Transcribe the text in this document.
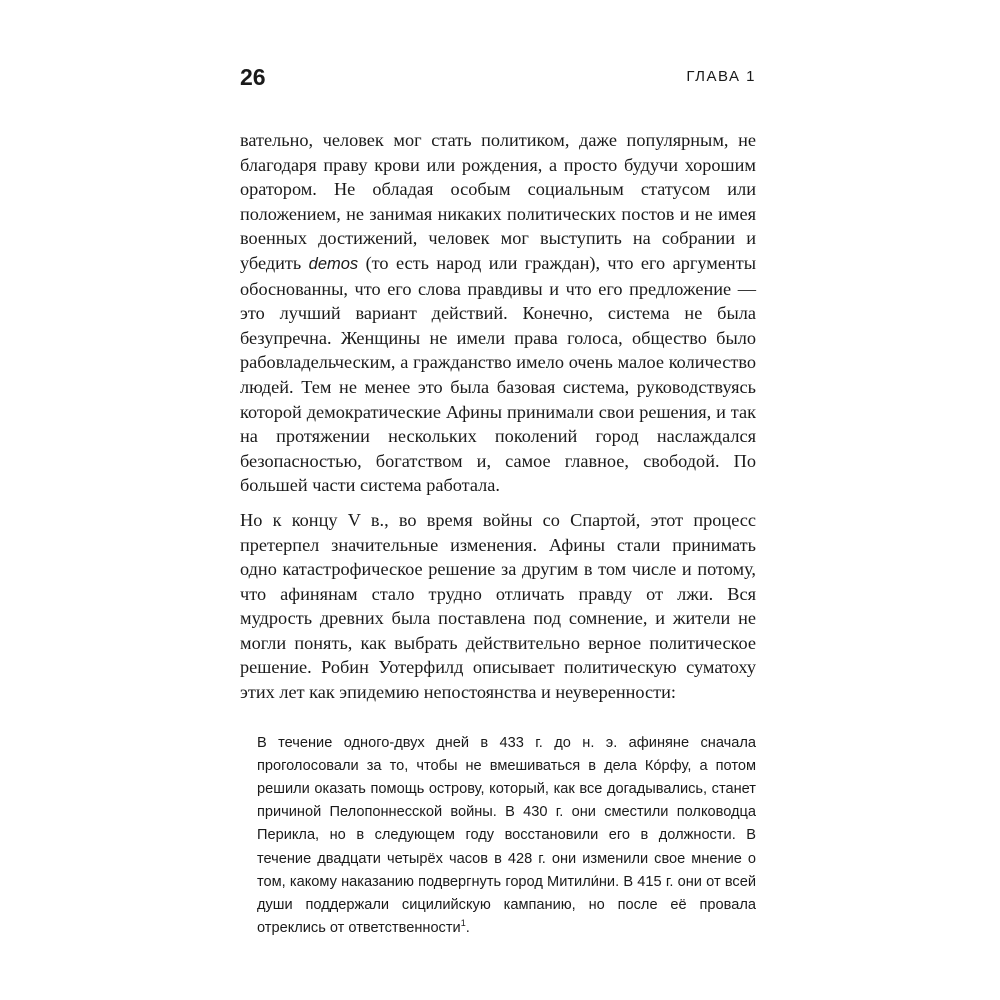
26	ГЛАВА 1

вательно, человек мог стать политиком, даже популярным, не благодаря праву крови или рождения, а просто будучи хорошим оратором. Не обладая особым социальным статусом или положением, не занимая никаких политических постов и не имея военных достижений, человек мог выступить на собрании и убедить demos (то есть народ или граждан), что его аргументы обоснованны, что его слова правдивы и что его предложение — это лучший вариант действий. Конечно, система не была безупречна. Женщины не имели права голоса, общество было рабовладельческим, а гражданство имело очень малое количество людей. Тем не менее это была базовая система, руководствуясь которой демократические Афины принимали свои решения, и так на протяжении нескольких поколений город наслаждался безопасностью, богатством и, самое главное, свободой. По большей части система работала.

Но к концу V в., во время войны со Спартой, этот процесс претерпел значительные изменения. Афины стали принимать одно катастрофическое решение за другим в том числе и потому, что афинянам стало трудно отличать правду от лжи. Вся мудрость древних была поставлена под сомнение, и жители не могли понять, как выбрать действительно верное политическое решение. Робин Уотерфилд описывает политическую суматоху этих лет как эпидемию непостоянства и неуверенности:

В течение одного-двух дней в 433 г. до н. э. афиняне сначала проголосовали за то, чтобы не вмешиваться в дела Ко́рфу, а потом решили оказать помощь острову, который, как все догадывались, станет причиной Пелопоннесской войны. В 430 г. они сместили полководца Перикла, но в следующем году восстановили его в должности. В течение двадцати четырёх часов в 428 г. они изменили свое мнение о том, какому наказанию подвергнуть город Митили́ни. В 415 г. они от всей души поддержали сицилийскую кампанию, но после её провала отреклись от ответственности$^1$.
